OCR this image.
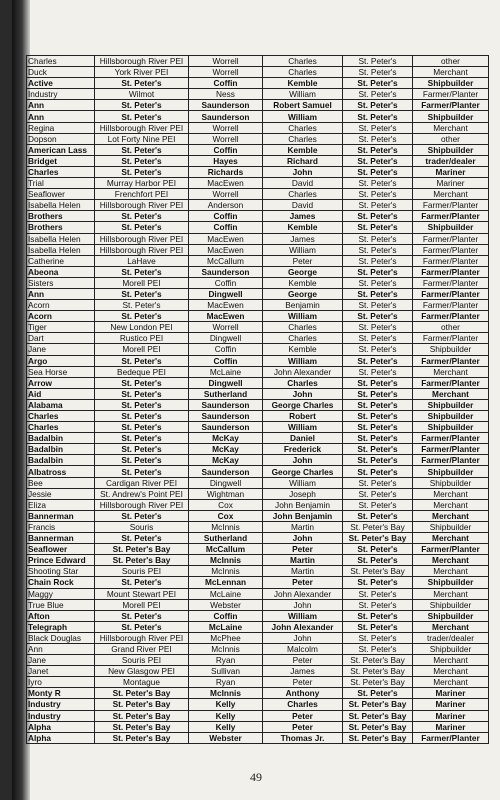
Charles	Hillsborough River PEI	Worrell	Charles	St. Peter's	other
Duck	York River PEI	Worrell	Charles	St. Peter's	Merchant
Active	St. Peter's	Coffin	Kemble	St. Peter's	Shipbuilder
Industry	Wilmot	Ness	William	St. Peter's	Farmer/Planter
Ann	St. Peter's	Saunderson	Robert Samuel	St. Peter's	Farmer/Planter
Ann	St. Peter's	Saunderson	William	St. Peter's	Shipbuilder
Regina	Hillsborough River PEI	Worrell	Charles	St. Peter's	Merchant
Dopson	Lot Forty Nine PEI	Worrell	Charles	St. Peter's	other
American Lass	St. Peter's	Coffin	Kemble	St. Peter's	Shipbuilder
Bridget	St. Peter's	Hayes	Richard	St. Peter's	trader/dealer
Charles	St. Peter's	Richards	John	St. Peter's	Mariner
Trial	Murray Harbor PEI	MacEwen	David	St. Peter's	Mariner
Seaflower	Frenchfort PEI	Worrell	Charles	St. Peter's	Merchant
Isabella Helen	Hillsborough River PEI	Anderson	David	St. Peter's	Farmer/Planter
Brothers	St. Peter's	Coffin	James	St. Peter's	Farmer/Planter
Brothers	St. Peter's	Coffin	Kemble	St. Peter's	Shipbuilder
Isabella Helen	Hillsborough River PEI	MacEwen	James	St. Peter's	Farmer/Planter
Isabella Helen	Hillsborough River PEI	MacEwen	William	St. Peter's	Farmer/Planter
Catherine	LaHave	McCallum	Peter	St. Peter's	Farmer/Planter
Abeona	St. Peter's	Saunderson	George	St. Peter's	Farmer/Planter
Sisters	Morell PEI	Coffin	Kemble	St. Peter's	Farmer/Planter
Ann	St. Peter's	Dingwell	George	St. Peter's	Farmer/Planter
Acorn	St. Peter's	MacEwen	Benjamin	St. Peter's	Farmer/Planter
Acorn	St. Peter's	MacEwen	William	St. Peter's	Farmer/Planter
Tiger	New London PEI	Worrell	Charles	St. Peter's	other
Dart	Rustico PEI	Dingwell	Charles	St. Peter's	Farmer/Planter
Jane	Morell PEI	Coffin	Kemble	St. Peter's	Shipbuilder
Argo	St. Peter's	Coffin	William	St. Peter's	Farmer/Planter
Sea Horse	Bedeque PEI	McLaine	John Alexander	St. Peter's	Merchant
Arrow	St. Peter's	Dingwell	Charles	St. Peter's	Farmer/Planter
Aid	St. Peter's	Sutherland	John	St. Peter's	Merchant
Alabama	St. Peter's	Saunderson	George Charles	St. Peter's	Shipbuilder
Charles	St. Peter's	Saunderson	Robert	St. Peter's	Shipbuilder
Charles	St. Peter's	Saunderson	William	St. Peter's	Shipbuilder
Badalbin	St. Peter's	McKay	Daniel	St. Peter's	Farmer/Planter
Badalbin	St. Peter's	McKay	Frederick	St. Peter's	Farmer/Planter
Badalbin	St. Peter's	McKay	John	St. Peter's	Farmer/Planter
Albatross	St. Peter's	Saunderson	George Charles	St. Peter's	Shipbuilder
Bee	Cardigan River PEI	Dingwell	William	St. Peter's	Shipbuilder
Jessie	St. Andrew's Point PEI	Wightman	Joseph	St. Peter's	Merchant
Eliza	Hillsborough River PEI	Cox	John Benjamin	St. Peter's	Merchant
Bannerman	St. Peter's	Cox	John Benjamin	St. Peter's	Merchant
Francis	Souris	McInnis	Martin	St. Peter's Bay	Shipbuilder
Bannerman	St. Peter's	Sutherland	John	St. Peter's Bay	Merchant
Seaflower	St. Peter's Bay	McCallum	Peter	St. Peter's	Farmer/Planter
Prince Edward	St. Peter's Bay	McInnis	Martin	St. Peter's	Merchant
Shooting Star	Souris PEI	McInnis	Martin	St. Peter's Bay	Merchant
Chain Rock	St. Peter's	McLennan	Peter	St. Peter's	Shipbuilder
Maggy	Mount Stewart PEI	McLaine	John Alexander	St. Peter's	Merchant
True Blue	Morell PEI	Webster	John	St. Peter's	Shipbuilder
Afton	St. Peter's	Coffin	William	St. Peter's	Shipbuilder
Telegraph	St. Peter's	McLaine	John Alexander	St. Peter's	Merchant
Black Douglas	Hillsborough River PEI	McPhee	John	St. Peter's	trader/dealer
Ann	Grand River PEI	McInnis	Malcolm	St. Peter's	Shipbuilder
Jane	Souris PEI	Ryan	Peter	St. Peter's Bay	Merchant
Janet	New Glasgow PEI	Sullivan	James	St. Peter's Bay	Merchant
Iyro	Montague	Ryan	Peter	St. Peter's Bay	Merchant
Monty R	St. Peter's Bay	McInnis	Anthony	St. Peter's	Mariner
Industry	St. Peter's Bay	Kelly	Charles	St. Peter's Bay	Mariner
Industry	St. Peter's Bay	Kelly	Peter	St. Peter's Bay	Mariner
Alpha	St. Peter's Bay	Kelly	Peter	St. Peter's Bay	Mariner
Alpha	St. Peter's Bay	Webster	Thomas Jr.	St. Peter's Bay	Farmer/Planter
49
